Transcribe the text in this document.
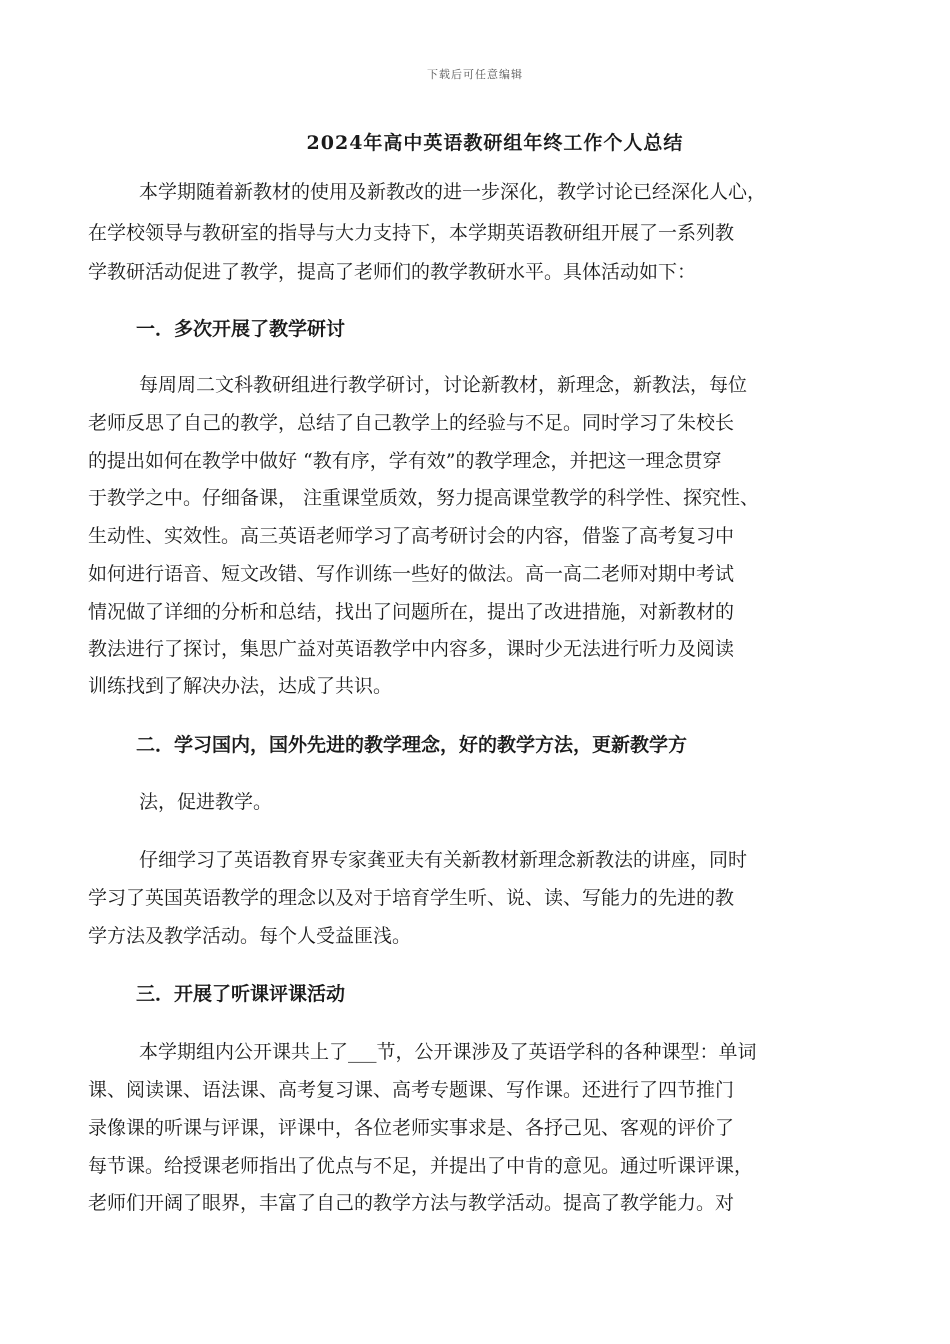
下载后可任意编辑
2024年高中英语教研组年终工作个人总结
本学期随着新教材的使用及新教改的进一步深化，教学讨论已经深化人心，
在学校领导与教研室的指导与大力支持下，本学期英语教研组开展了一系列教
学教研活动促进了教学，提高了老师们的教学教研水平。具体活动如下：
一．多次开展了教学研讨
每周周二文科教研组进行教学研讨，讨论新教材，新理念，新教法，每位
老师反思了自己的教学，总结了自己教学上的经验与不足。同时学习了朱校长
的提出如何在教学中做好 “教有序，学有效”的教学理念，并把这一理念贯穿
于教学之中。仔细备课， 注重课堂质效，努力提高课堂教学的科学性、探究性、
生动性、实效性。高三英语老师学习了高考研讨会的内容，借鉴了高考复习中
如何进行语音、短文改错、写作训练一些好的做法。高一高二老师对期中考试
情况做了详细的分析和总结，找出了问题所在，提出了改进措施，对新教材的
教法进行了探讨，集思广益对英语教学中内容多，课时少无法进行听力及阅读
训练找到了解决办法，达成了共识。
二．学习国内，国外先进的教学理念，好的教学方法，更新教学方
法，促进教学。
仔细学习了英语教育界专家龚亚夫有关新教材新理念新教法的讲座，同时
学习了英国英语教学的理念以及对于培育学生听、说、读、写能力的先进的教
学方法及教学活动。每个人受益匪浅。
三．开展了听课评课活动
本学期组内公开课共上了___节，公开课涉及了英语学科的各种课型：单词
课、阅读课、语法课、高考复习课、高考专题课、写作课。还进行了四节推门
录像课的听课与评课，评课中，各位老师实事求是、各抒己见、客观的评价了
每节课。给授课老师指出了优点与不足，并提出了中肯的意见。通过听课评课，
老师们开阔了眼界，丰富了自己的教学方法与教学活动。提高了教学能力。对
